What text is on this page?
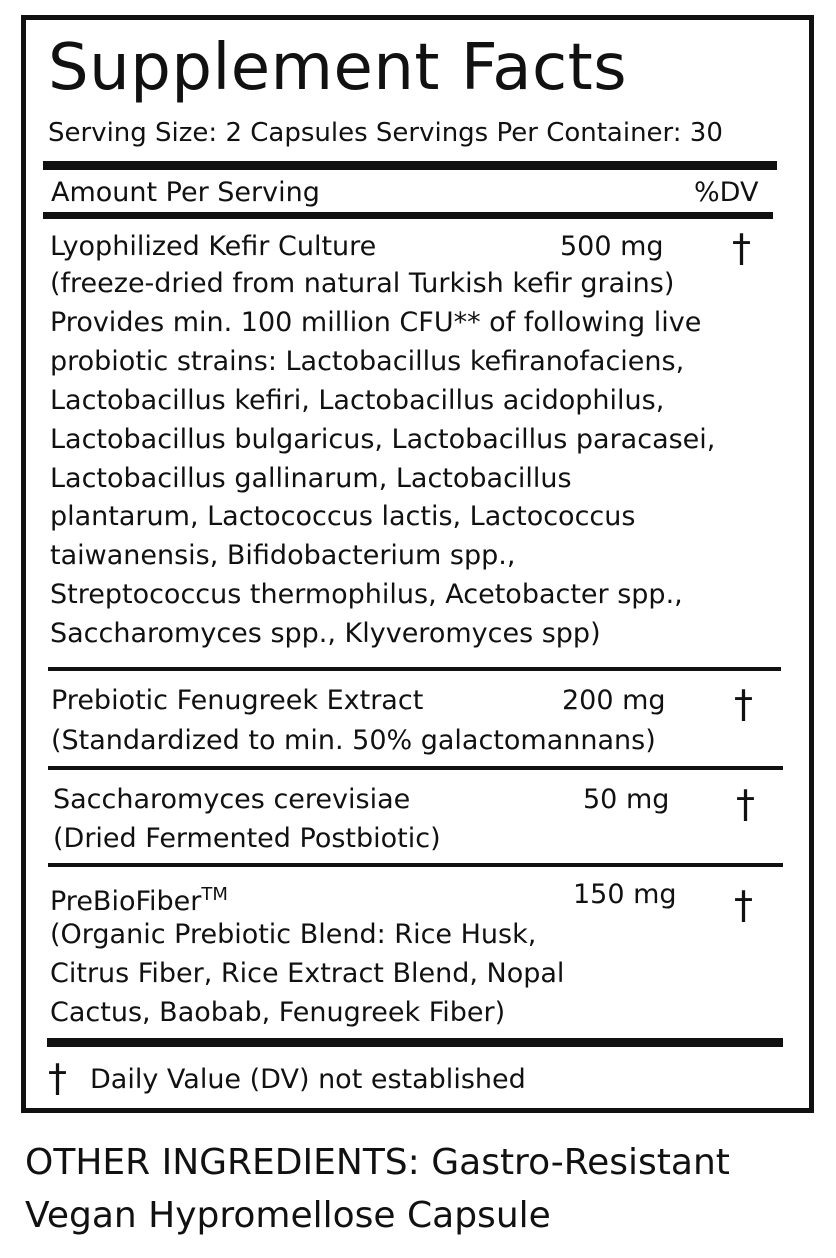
Supplement Facts
Serving Size: 2 Capsules Servings Per Container: 30
Amount Per Serving	%DV
Lyophilized Kefir Culture	500 mg †
(freeze-dried from natural Turkish kefir grains)
Provides min. 100 million CFU** of following live
probiotic strains: Lactobacillus kefiranofaciens,
Lactobacillus kefiri, Lactobacillus acidophilus,
Lactobacillus bulgaricus, Lactobacillus paracasei,
Lactobacillus gallinarum, Lactobacillus
plantarum, Lactococcus lactis, Lactococcus
taiwanensis, Bifidobacterium spp.,
Streptococcus thermophilus, Acetobacter spp.,
Saccharomyces spp., Klyveromyces spp)
Prebiotic Fenugreek Extract	200 mg †
(Standardized to min. 50% galactomannans)
Saccharomyces cerevisiae	50 mg †
(Dried Fermented Postbiotic)
PreBioFiber™	150 mg †
(Organic Prebiotic Blend: Rice Husk,
Citrus Fiber, Rice Extract Blend, Nopal
Cactus, Baobab, Fenugreek Fiber)
† Daily Value (DV) not established
OTHER INGREDIENTS: Gastro-Resistant Vegan Hypromellose Capsule
